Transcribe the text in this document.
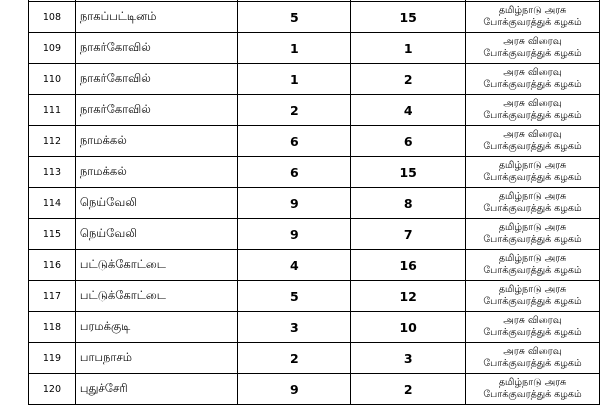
108	நாகப்பட்டினம்	5	15	தமிழ்நாடு அரசு
போக்குவரத்துக் கழகம்

109	நாகர்கோவில்	1	1	அரசு விரைவு
போக்குவரத்துக் கழகம்

110	நாகர்கோவில்	1	2	அரசு விரைவு
போக்குவரத்துக் கழகம்

111	நாகர்கோவில்	2	4	அரசு விரைவு
போக்குவரத்துக் கழகம்

112	நாமக்கல்	6	6	அரசு விரைவு
போக்குவரத்துக் கழகம்

113	நாமக்கல்	6	15	தமிழ்நாடு அரசு
போக்குவரத்துக் கழகம்

114	நெய்வேலி	9	8	தமிழ்நாடு அரசு
போக்குவரத்துக் கழகம்

115	நெய்வேலி	9	7	தமிழ்நாடு அரசு
போக்குவரத்துக் கழகம்

116	பட்டுக்கோட்டை	4	16	தமிழ்நாடு அரசு
போக்குவரத்துக் கழகம்

117	பட்டுக்கோட்டை	5	12	தமிழ்நாடு அரசு
போக்குவரத்துக் கழகம்

118	பரமக்குடி	3	10	அரசு விரைவு
போக்குவரத்துக் கழகம்

119	பாபநாசம்	2	3	அரசு விரைவு
போக்குவரத்துக் கழகம்

120	புதுச்சேரி	9	2	தமிழ்நாடு அரசு
போக்குவரத்துக் கழகம்
